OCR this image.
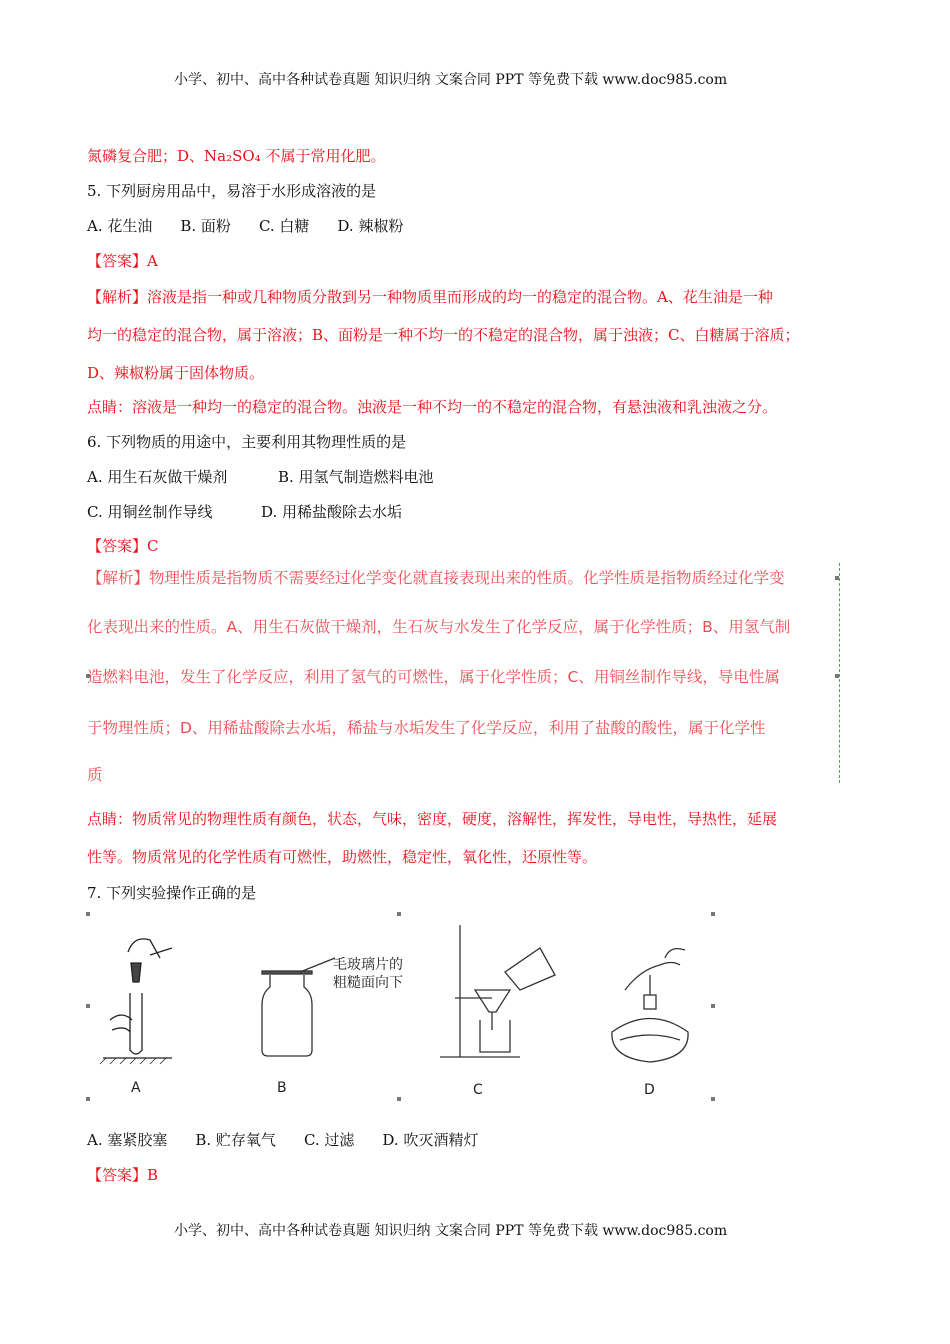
小学、初中、高中各种试卷真题 知识归纳 文案合同 PPT 等免费下载 www.doc985.com
氮磷复合肥；D、Na₂SO₄ 不属于常用化肥。
5. 下列厨房用品中，易溶于水形成溶液的是
A. 花生油 B. 面粉 C. 白糖 D. 辣椒粉
【答案】A
【解析】溶液是指一种或几种物质分散到另一种物质里而形成的均一的稳定的混合物。A、花生油是一种
均一的稳定的混合物，属于溶液；B、面粉是一种不均一的不稳定的混合物，属于浊液；C、白糖属于溶质；
D、辣椒粉属于固体物质。
点睛：溶液是一种均一的稳定的混合物。浊液是一种不均一的不稳定的混合物，有悬浊液和乳浊液之分。
6. 下列物质的用途中，主要利用其物理性质的是
A. 用生石灰做干燥剂	B. 用氢气制造燃料电池
C. 用铜丝制作导线	D. 用稀盐酸除去水垢
【答案】C
【解析】物理性质是指物质不需要经过化学变化就直接表现出来的性质。化学性质是指物质经过化学变
化表现出来的性质。A、用生石灰做干燥剂，生石灰与水发生了化学反应，属于化学性质；B、用氢气制
造燃料电池，发生了化学反应，利用了氢气的可燃性，属于化学性质；C、用铜丝制作导线，导电性属
于物理性质；D、用稀盐酸除去水垢，稀盐与水垢发生了化学反应，利用了盐酸的酸性，属于化学性
质
点睛：物质常见的物理性质有颜色，状态，气味，密度，硬度，溶解性，挥发性，导电性，导热性，延展
性等。物质常见的化学性质有可燃性，助燃性，稳定性，氧化性，还原性等。
7. 下列实验操作正确的是
毛玻璃片的
粗糙面向下
A	B	C	D
A. 塞紧胶塞 B. 贮存氧气 C. 过滤 D. 吹灭酒精灯
【答案】B
小学、初中、高中各种试卷真题 知识归纳 文案合同 PPT 等免费下载 www.doc985.com
